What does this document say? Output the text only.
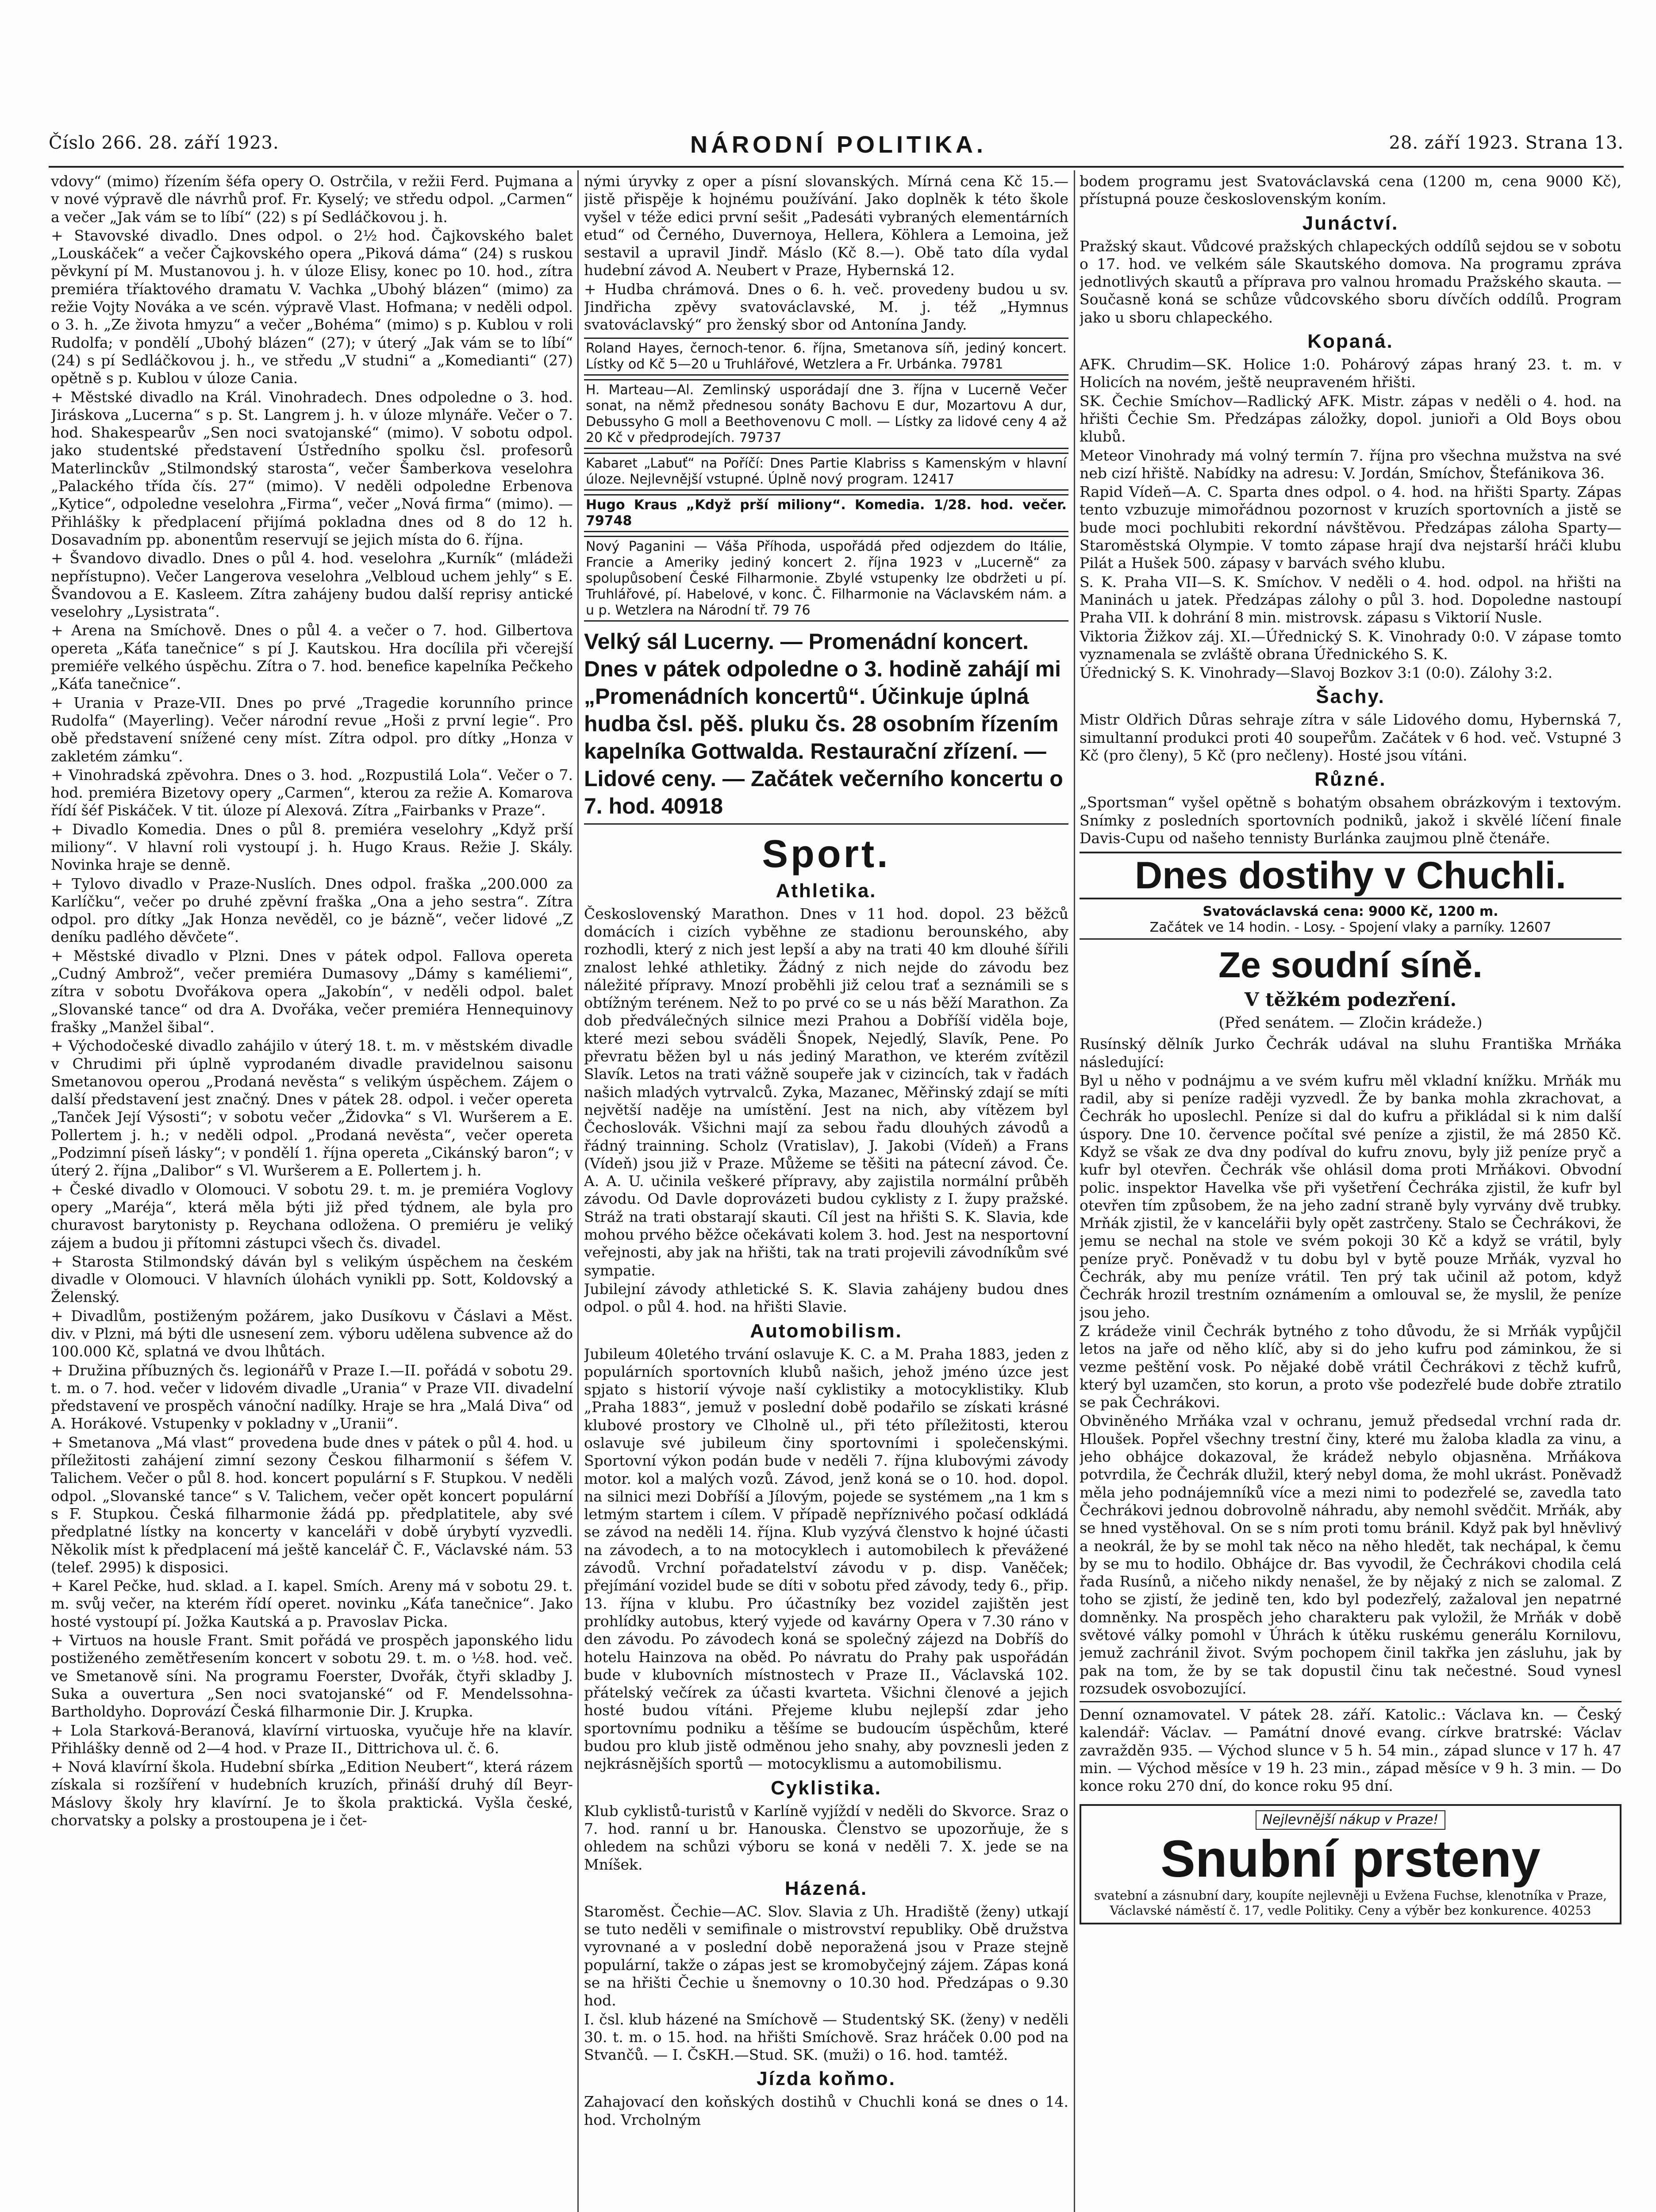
Číslo 266. 28. září 1923.	NÁRODNÍ POLITIKA.	28. září 1923. Strana 13.

vdovy“ (mimo) řízením šéfa opery O. Ostrčila, v režii Ferd. Pujmana a v nové výpravě dle návrhů prof. Fr. Kyselý; ve středu odpol. „Carmen“ a večer „Jak vám se to líbí“ (22) s pí Sedláčkovou j. h.

+ Stavovské divadlo. Dnes odpol. o 2½ hod. Čajkovského balet „Louskáček“ a večer Čajkovského opera „Piková dáma“ (24) s ruskou pěvkyní pí M. Mustanovou j. h. v úloze Elisy, konec po 10. hod., zítra premiéra tříaktového dramatu V. Vachka „Ubohý blázen“ (mimo) za režie Vojty Nováka a ve scén. výpravě Vlast. Hofmana; v neděli odpol. o 3. h. „Ze života hmyzu“ a večer „Bohéma“ (mimo) s p. Kublou v roli Rudolfa; v pondělí „Ubohý blázen“ (27); v úterý „Jak vám se to líbí“ (24) s pí Sedláčkovou j. h., ve středu „V studni“ a „Komedianti“ (27) opětně s p. Kublou v úloze Cania.

+ Městské divadlo na Král. Vinohradech. Dnes odpoledne o 3. hod. Jiráskova „Lucerna“ s p. St. Langrem j. h. v úloze mlynáře. Večer o 7. hod. Shakespearův „Sen noci svatojanské“ (mimo). V sobotu odpol. jako studentské představení Ústředního spolku čsl. profesorů Materlinckův „Stilmondský starosta“, večer Šamberkova veselohra „Palackého třída čís. 27“ (mimo). V neděli odpoledne Erbenova „Kytice“, odpoledne veselohra „Firma“, večer „Nová firma“ (mimo). — Přihlášky k předplacení přijímá pokladna dnes od 8 do 12 h. Dosavadním pp. abonentům reservují se jejich místa do 6. října.

+ Švandovo divadlo. Dnes o půl 4. hod. veselohra „Kurník“ (mládeži nepřístupno). Večer Langerova veselohra „Velbloud uchem jehly“ s E. Švandovou a E. Kasleem. Zítra zahájeny budou další reprisy antické veselohry „Lysistrata“.

+ Arena na Smíchově. Dnes o půl 4. a večer o 7. hod. Gilbertova opereta „Káťa tanečnice“ s pí J. Kautskou. Hra docílila při včerejší premiéře velkého úspěchu. Zítra o 7. hod. benefice kapelníka Pečkeho „Káťa tanečnice“.

+ Urania v Praze-VII. Dnes po prvé „Tragedie korunního prince Rudolfa“ (Mayerling). Večer národní revue „Hoši z první legie“. Pro obě představení snížené ceny míst. Zítra odpol. pro dítky „Honza v zakletém zámku“.

+ Vinohradská zpěvohra. Dnes o 3. hod. „Rozpustilá Lola“. Večer o 7. hod. premiéra Bizetovy opery „Carmen“, kterou za režie A. Komarova řídí šéf Piskáček. V tit. úloze pí Alexová. Zítra „Fairbanks v Praze“.

+ Divadlo Komedia. Dnes o půl 8. premiéra veselohry „Když prší miliony“. V hlavní roli vystoupí j. h. Hugo Kraus. Režie J. Skály. Novinka hraje se denně.

+ Tylovo divadlo v Praze-Nuslích. Dnes odpol. fraška „200.000 za Karlíčku“, večer po druhé zpěvní fraška „Ona a jeho sestra“. Zítra odpol. pro dítky „Jak Honza nevěděl, co je bázně“, večer lidové „Z deníku padlého děvčete“.

+ Městské divadlo v Plzni. Dnes v pátek odpol. Fallova opereta „Cudný Ambrož“, večer premiéra Dumasovy „Dámy s kaméliemi“, zítra v sobotu Dvořákova opera „Jakobín“, v neděli odpol. balet „Slovanské tance“ od dra A. Dvořáka, večer premiéra Hennequinovy frašky „Manžel šibal“.

+ Východočeské divadlo zahájilo v úterý 18. t. m. v městském divadle v Chrudimi při úplně vyprodaném divadle pravidelnou saisonu Smetanovou operou „Prodaná nevěsta“ s velikým úspěchem. Zájem o další představení jest značný. Dnes v pátek 28. odpol. i večer opereta „Tanček Její Výsosti“; v sobotu večer „Židovka“ s Vl. Wuršerem a E. Pollertem j. h.; v neděli odpol. „Prodaná nevěsta“, večer opereta „Podzimní píseň lásky“; v pondělí 1. října opereta „Cikánský baron“; v úterý 2. října „Dalibor“ s Vl. Wuršerem a E. Pollertem j. h.

+ České divadlo v Olomouci. V sobotu 29. t. m. je premiéra Voglovy opery „Maréja“, která měla býti již před týdnem, ale byla pro churavost barytonisty p. Reychana odložena. O premiéru je veliký zájem a budou ji přítomni zástupci všech čs. divadel.

+ Starosta Stilmondský dáván byl s velikým úspěchem na českém divadle v Olomouci. V hlavních úlohách vynikli pp. Sott, Koldovský a Želenský.

+ Divadlům, postiženým požárem, jako Dusíkovu v Čáslavi a Měst. div. v Plzni, má býti dle usnesení zem. výboru udělena subvence až do 100.000 Kč, splatná ve dvou lhůtách.

+ Družina příbuzných čs. legionářů v Praze I.—II. pořádá v sobotu 29. t. m. o 7. hod. večer v lidovém divadle „Urania“ v Praze VII. divadelní představení ve prospěch vánoční nadílky. Hraje se hra „Malá Diva“ od A. Horákové. Vstupenky v pokladny v „Uranii“.

+ Smetanova „Má vlast“ provedena bude dnes v pátek o půl 4. hod. u příležitosti zahájení zimní sezony Českou filharmonií s šéfem V. Talichem. Večer o půl 8. hod. koncert populární s F. Stupkou. V neděli odpol. „Slovanské tance“ s V. Talichem, večer opět koncert populární s F. Stupkou. Česká filharmonie žádá pp. předplatitele, aby své předplatné lístky na koncerty v kanceláři v době úrybytí vyzvedli. Několik míst k předplacení má ještě kancelář Č. F., Václavské nám. 53 (telef. 2995) k disposici.

+ Karel Pečke, hud. sklad. a I. kapel. Smích. Areny má v sobotu 29. t. m. svůj večer, na kterém řídí operet. novinku „Káťa tanečnice“. Jako hosté vystoupí pí. Jožka Kautská a p. Pravoslav Picka.

+ Virtuos na housle Frant. Smit pořádá ve prospěch japonského lidu postiženého zemětřesením koncert v sobotu 29. t. m. o ½8. hod. več. ve Smetanově síni. Na programu Foerster, Dvořák, čtyři skladby J. Suka a ouvertura „Sen noci svatojanské“ od F. Mendelssohna-Bartholdyho. Doprovází Česká filharmonie Dir. J. Krupka.

+ Lola Starková-Beranová, klavírní virtuoska, vyučuje hře na klavír. Přihlášky denně od 2—4 hod. v Praze II., Dittrichova ul. č. 6.

+ Nová klavírní škola. Hudební sbírka „Edition Neubert“, která rázem získala si rozšíření v hudebních kruzích, přináší druhý díl Beyr-Máslovy školy hry klavírní. Je to škola praktická. Vyšla české, chorvatsky a polsky a prostoupena je i čet-

nými úryvky z oper a písní slovanských. Mírná cena Kč 15.— jistě přispěje k hojnému používání. Jako doplněk k této škole vyšel v téže edici první sešit „Padesáti vybraných elementárních etud“ od Černého, Duvernoya, Hellera, Köhlera a Lemoina, jež sestavil a upravil Jindř. Máslo (Kč 8.—). Obě tato díla vydal hudební závod A. Neubert v Praze, Hybernská 12.

+ Hudba chrámová. Dnes o 6. h. več. provedeny budou u sv. Jindřicha zpěvy svatováclavské, M. j. též „Hymnus svatováclavský“ pro ženský sbor od Antonína Jandy.

Roland Hayes, černoch-tenor. 6. října, Smetanova síň, jediný koncert. Lístky od Kč 5—20 u Truhlářové, Wetzlera a Fr. Urbánka. 79781
H. Marteau—Al. Zemlinský usporádají dne 3. října v Lucerně Večer sonat, na němž přednesou sonáty Bachovu E dur, Mozartovu A dur, Debussyho G moll a Beethovenovu C moll. — Lístky za lidové ceny 4 až 20 Kč v předprodejích. 79737
Kabaret „Labuť“ na Poříčí: Dnes Partie Klabriss s Kamenským v hlavní úloze. Nejlevnější vstupné. Úplně nový program. 12417
Hugo Kraus „Když prší miliony“. Komedia. 1/28. hod. večer. 79748
Nový Paganini — Váša Příhoda, uspořádá před odjezdem do Itálie, Francie a Ameriky jediný koncert 2. října 1923 v „Lucerně“ za spolupůsobení České Filharmonie. Zbylé vstupenky lze obdržeti u pí. Truhlářové, pí. Habelové, v konc. Č. Filharmonie na Václavském nám. a u p. Wetzlera na Národní tř. 79 76
Velký sál Lucerny. — Promenádní koncert. Dnes v pátek odpoledne o 3. hodině zahájí mi „Promenádních koncertů“. Účinkuje úplná hudba čsl. pěš. pluku čs. 28 osobním řízením kapelníka Gottwalda. Restaurační zřízení. — Lidové ceny. — Začátek večerního koncertu o 7. hod. 40918
Sport.
Athletika.

Československý Marathon. Dnes v 11 hod. dopol. 23 běžců domácích i cizích vyběhne ze stadionu berounského, aby rozhodli, který z nich jest lepší a aby na trati 40 km dlouhé šířili znalost lehké athletiky. Žádný z nich nejde do závodu bez náležité přípravy. Mnozí proběhli již celou trať a seznámili se s obtížným terénem. Než to po prvé co se u nás běží Marathon. Za dob předválečných silnice mezi Prahou a Dobříší viděla boje, které mezi sebou sváděli Šnopek, Nejedlý, Slavík, Pene. Po převratu běžen byl u nás jediný Marathon, ve kterém zvítězil Slavík. Letos na trati vážně soupeře jak v cizincích, tak v řadách našich mladých vytrvalců. Zyka, Mazanec, Měřinský zdají se míti největší naděje na umístění. Jest na nich, aby vítězem byl Čechoslovák. Všichni mají za sebou řadu dlouhých závodů a řádný trainning. Scholz (Vratislav), J. Jakobi (Vídeň) a Frans (Vídeň) jsou již v Praze. Můžeme se těšiti na pátecní závod. Če. A. A. U. učinila veškeré přípravy, aby zajistila normální průběh závodu. Od Davle doprovázeti budou cyklisty z I. župy pražské. Stráž na trati obstarají skauti. Cíl jest na hřišti S. K. Slavia, kde mohou prvého běžce očekávati kolem 3. hod. Jest na nesportovní veřejnosti, aby jak na hřišti, tak na trati projevili závodníkům své sympatie.

Jubilejní závody athletické S. K. Slavia zahájeny budou dnes odpol. o půl 4. hod. na hřišti Slavie.

Automobilism.

Jubileum 40letého trvání oslavuje K. C. a M. Praha 1883, jeden z populárních sportovních klubů našich, jehož jméno úzce jest spjato s historií vývoje naší cyklistiky a motocyklistiky. Klub „Praha 1883“, jemuž v poslední době podařilo se získati krásné klubové prostory ve Clholně ul., při této příležitosti, kterou oslavuje své jubileum činy sportovními i společenskými. Sportovní výkon podán bude v neděli 7. října klubovými závody motor. kol a malých vozů. Závod, jenž koná se o 10. hod. dopol. na silnici mezi Dobříší a Jílovým, pojede se systémem „na 1 km s letmým startem i cílem. V případě nepříznivého počasí odkládá se závod na neděli 14. října. Klub vyzývá členstvo k hojné účasti na závodech, a to na motocyklech i automobilech k převážené závodů. Vrchní pořadatelství závodu v p. disp. Vaněček; přejímání vozidel bude se díti v sobotu před závody, tedy 6., přip. 13. října v klubu. Pro účastníky bez vozidel zajištěn jest prohlídky autobus, který vyjede od kavárny Opera v 7.30 ráno v den závodu. Po závodech koná se společný zájezd na Dobříš do hotelu Hainzova na oběd. Po návratu do Prahy pak uspořádán bude v klubovních místnostech v Praze II., Václavská 102. přátelský večírek za účasti kvarteta. Všichni členové a jejich hosté budou vítáni. Přejeme klubu nejlepší zdar jeho sportovnímu podniku a těšíme se budoucím úspěchům, které budou pro klub jistě odměnou jeho snahy, aby povznesli jeden z nejkrásnějších sportů — motocyklismu a automobilismu.

Cyklistika.

Klub cyklistů-turistů v Karlíně vyjíždí v neděli do Skvorce. Sraz o 7. hod. ranní u br. Hanouska. Členstvo se upozorňuje, že s ohledem na schůzi výboru se koná v neděli 7. X. jede se na Mníšek.

Házená.

Staroměst. Čechie—AC. Slov. Slavia z Uh. Hradiště (ženy) utkají se tuto neděli v semifinale o mistrovství republiky. Obě družstva vyrovnané a v poslední době neporažená jsou v Praze stejně populární, takže o zápas jest se kromobyčejný zájem. Zápas koná se na hřišti Čechie u šnemovny o 10.30 hod. Předzápas o 9.30 hod.

I. čsl. klub házené na Smíchově — Studentský SK. (ženy) v neděli 30. t. m. o 15. hod. na hřišti Smíchově. Sraz hráček 0.00 pod na Stvančů. — I. ČsKH.—Stud. SK. (muži) o 16. hod. tamtéž.

Jízda koňmo.

Zahajovací den koňských dostihů v Chuchli koná se dnes o 14. hod. Vrcholným

bodem programu jest Svatováclavská cena (1200 m, cena 9000 Kč), přístupná pouze československým koním.

Junáctví.

Pražský skaut. Vůdcové pražských chlapeckých oddílů sejdou se v sobotu o 17. hod. ve velkém sále Skautského domova. Na programu zpráva jednotlivých skautů a příprava pro valnou hromadu Pražského skauta. — Současně koná se schůze vůdcovského sboru dívčích oddílů. Program jako u sboru chlapeckého.

Kopaná.

AFK. Chrudim—SK. Holice 1:0. Pohárový zápas hraný 23. t. m. v Holicích na novém, ještě neupraveném hřišti.

SK. Čechie Smíchov—Radlický AFK. Mistr. zápas v neděli o 4. hod. na hřišti Čechie Sm. Předzápas záložky, dopol. junioři a Old Boys obou klubů.

Meteor Vinohrady má volný termín 7. října pro všechna mužstva na své neb cizí hřiště. Nabídky na adresu: V. Jordán, Smíchov, Štefánikova 36.

Rapid Vídeň—A. C. Sparta dnes odpol. o 4. hod. na hřišti Sparty. Zápas tento vzbuzuje mimořádnou pozornost v kruzích sportovních a jistě se bude moci pochlubiti rekordní návštěvou. Předzápas záloha Sparty—Staroměstská Olympie. V tomto zápase hrají dva nejstarší hráči klubu Pilát a Hušek 500. zápasy v barvách svého klubu.

S. K. Praha VII—S. K. Smíchov. V neděli o 4. hod. odpol. na hřišti na Maninách u jatek. Předzápas zálohy o půl 3. hod. Dopoledne nastoupí Praha VII. k dohrání 8 min. mistrovsk. zápasu s Viktorií Nusle.

Viktoria Žižkov záj. XI.—Úřednický S. K. Vinohrady 0:0. V zápase tomto vyznamenala se zvláště obrana Úřednického S. K.

Úřednický S. K. Vinohrady—Slavoj Bozkov 3:1 (0:0). Zálohy 3:2.

Šachy.

Mistr Oldřich Důras sehraje zítra v sále Lidového domu, Hybernská 7, simultanní produkci proti 40 soupeřům. Začátek v 6 hod. več. Vstupné 3 Kč (pro členy), 5 Kč (pro nečleny). Hosté jsou vítáni.

Různé.

„Sportsman“ vyšel opětně s bohatým obsahem obrázkovým i textovým. Snímky z posledních sportovních podniků, jakož i skvělé líčení finale Davis-Cupu od našeho tennisty Burlánka zaujmou plně čtenáře.

Dnes dostihy v Chuchli.
Svatováclavská cena: 9000 Kč, 1200 m.
Začátek ve 14 hodin. - Losy. - Spojení vlaky a parníky. 12607
Ze soudní síně.
V těžkém podezření.
(Před senátem. — Zločin krádeže.)

Rusínský dělník Jurko Čechrák udával na sluhu Františka Mrňáka následující:

Byl u něho v podnájmu a ve svém kufru měl vkladní knížku. Mrňák mu radil, aby si peníze raději vyzvedl. Že by banka mohla zkrachovat, a Čechrák ho uposlechl. Peníze si dal do kufru a přikládal si k nim další úspory. Dne 10. července počítal své peníze a zjistil, že má 2850 Kč. Když se však ze dva dny podíval do kufru znovu, byly již peníze pryč a kufr byl otevřen. Čechrák vše ohlásil doma proti Mrňákovi. Obvodní polic. inspektor Havelka vše při vyšetření Čechráka zjistil, že kufr byl otevřen tím způsobem, že na jeho zadní straně byly vyrvány dvě trubky. Mrňák zjistil, že v kancelářii byly opět zastrčeny. Stalo se Čechrákovi, že jemu se nechal na stole ve svém pokoji 30 Kč a když se vrátil, byly peníze pryč. Poněvadž v tu dobu byl v bytě pouze Mrňák, vyzval ho Čechrák, aby mu peníze vrátil. Ten prý tak učinil až potom, když Čechrák hrozil trestním oznámením a omlouval se, že myslil, že peníze jsou jeho.

Z krádeže vinil Čechrák bytného z toho důvodu, že si Mrňák vypůjčil letos na jaře od něho klíč, aby si do jeho kufru pod záminkou, že si vezme peštění vosk. Po nějaké době vrátil Čechrákovi z těchž kufrů, který byl uzamčen, sto korun, a proto vše podezřelé bude dobře ztratilo se pak Čechrákovi.

Obviněného Mrňáka vzal v ochranu, jemuž předsedal vrchní rada dr. Hloušek. Popřel všechny trestní činy, které mu žaloba kladla za vinu, a jeho obhájce dokazoval, že krádež nebylo objasněna. Mrňákova potvrdila, že Čechrák dlužil, který nebyl doma, že mohl ukrást. Poněvadž měla jeho podnájemníků více a mezi nimi to podezřelé se, zavedla tato Čechrákovi jednou dobrovolně náhradu, aby nemohl svědčit. Mrňák, aby se hned vystěhoval. On se s ním proti tomu bránil. Když pak byl hněvlivý a neokrál, že by se mohl tak něco na něho hledět, tak nechápal, k čemu by se mu to hodilo. Obhájce dr. Bas vyvodil, že Čechrákovi chodila celá řada Rusínů, a ničeho nikdy nenašel, že by nějaký z nich se zalomal. Z toho se zjistí, že jedině ten, kdo byl podezřelý, zažaloval jen nepatrné domněnky. Na prospěch jeho charakteru pak vyložil, že Mrňák v době světové války pomohl v Úhrách k útěku ruskému generálu Kornilovu, jemuž zachránil život. Svým pochopem činil takřka jen zásluhu, jak by pak na tom, že by se tak dopustil činu tak nečestné. Soud vynesl rozsudek osvobozující.

Denní oznamovatel. V pátek 28. září. Katolic.: Václava kn. — Český kalendář: Václav. — Památní dnové evang. církve bratrské: Václav zavražděn 935. — Východ slunce v 5 h. 54 min., západ slunce v 17 h. 47 min. — Východ měsíce v 19 h. 23 min., západ měsíce v 9 h. 3 min. — Do konce roku 270 dní, do konce roku 95 dní.

Nejlevnější nákup v Praze!
Snubní prsteny
svatební a zásnubní dary, koupíte nejlevněji u Evžena Fuchse, klenotníka v Praze, Václavské náměstí č. 17, vedle Politiky. Ceny a výběr bez konkurence. 40253
